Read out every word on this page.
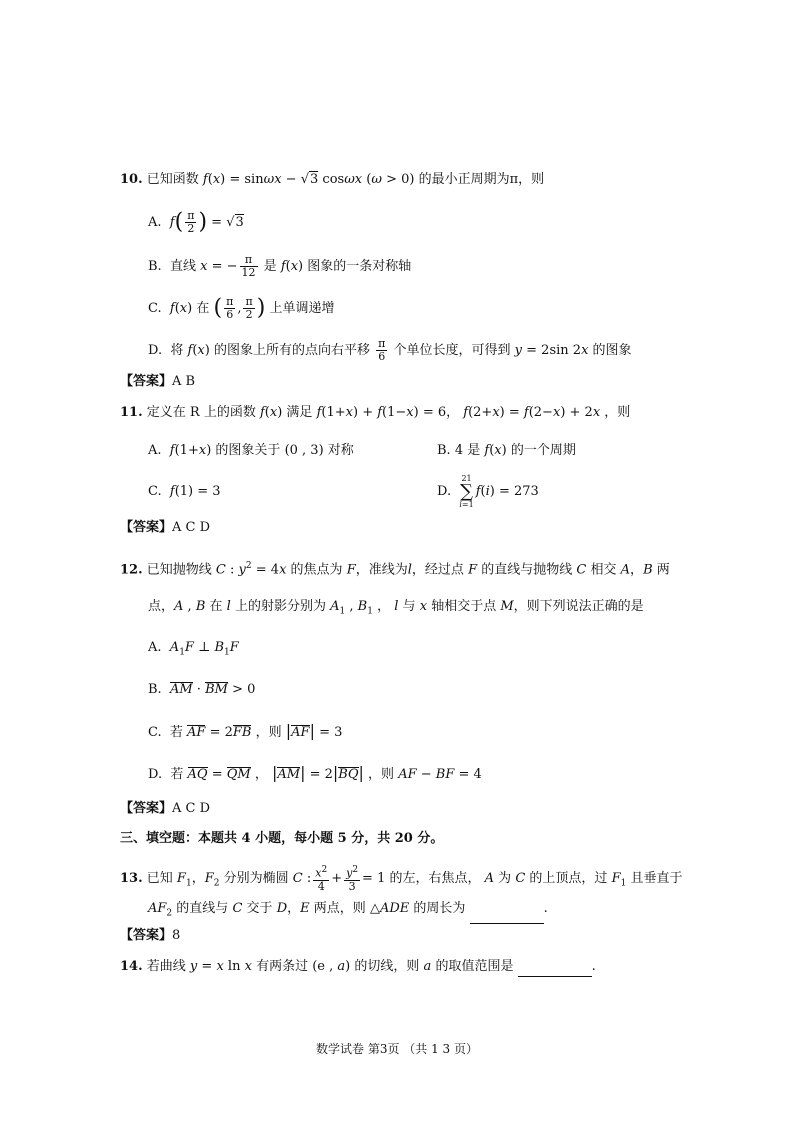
10. 已知函数 f(x) = sinωx − √3 cosωx (ω > 0) 的最小正周期为π，则
A. $f( \frac{\pi}{2}$ ) = √3
B. 直线 x = − $\frac{\pi}{12}$ 是 f(x) 图象的一条对称轴
C. f(x) 在 ( $\frac{\pi}{6}$ , $\frac{\pi}{2}$ ) 上单调递增
D. 将 f(x) 的图象上所有的点向右平移 $\frac{\pi}{6}$ 个单位长度，可得到 y = 2sin 2x 的图象
【答案】A B
11. 定义在 R 上的函数 f(x) 满足 f(1+x) + f(1−x) = 6， f(2+x) = f(2−x) + 2x ，则
A. f(1+x) 的图象关于 (0 , 3) 对称	B. 4 是 f(x) 的一个周期
C. f(1) = 3	D.  21
∑
i=1f(i) = 273
【答案】A C D
12. 已知抛物线 C : $y^2 = 4x$ 的焦点为 F，准线为l，经过点 F 的直线与抛物线 C 相交 A，B 两
点，A , B 在 l 上的射影分别为 $A_1$ , $B_1$ ， l 与 x 轴相交于点 M，则下列说法正确的是
A. $A_1F$ ⊥ $B_1F$
B. AM · BM > 0
C. 若 AF = 2FB ，则 |AF| = 3
D. 若 AQ = QM ， |AM| = 2|BQ| ，则 AF − BF = 4
【答案】A C D
三、填空题：本题共 4 小题，每小题 5 分，共 20 分。
13. 已知 $F_1$，$F_2$ 分别为椭圆 C : $\frac{x^2}{4} + \frac{y^2}{3} = 1$ 的左，右焦点， A 为 C 的上顶点，过 $F_1$ 且垂直于
$AF_2$ 的直线与 C 交于 D，E 两点，则 △ADE 的周长为	.
【答案】8
14. 若曲线 y = x ln x 有两条过 (e , a) 的切线，则 a 的取值范围是	.
数学试卷 第3页 （共 1 3 页）
